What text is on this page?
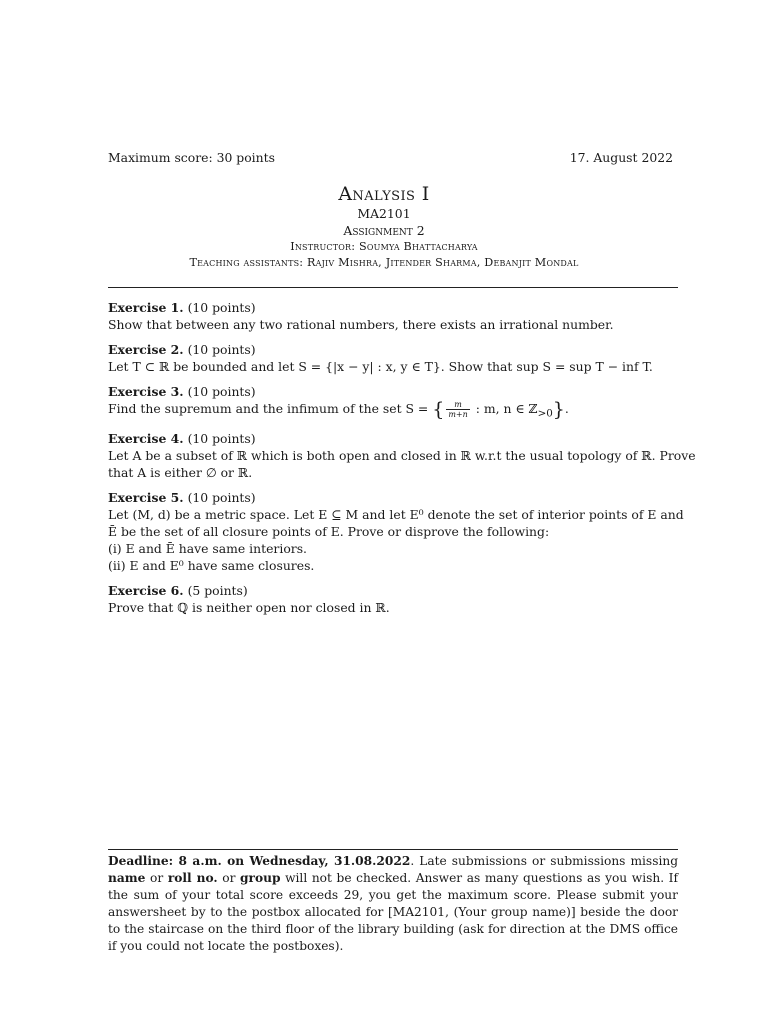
Maximum score: 30 points	17. August 2022
Analysis I
MA2101
Assignment 2
Instructor: Soumya Bhattacharya
Teaching assistants: Rajiv Mishra, Jitender Sharma, Debanjit Mondal
Exercise 1. (10 points)
Show that between any two rational numbers, there exists an irrational number.
Exercise 2. (10 points)
Let T ⊂ ℝ be bounded and let S = {|x − y| : x, y ∈ T}. Show that sup S = sup T − inf T.
Exercise 3. (10 points)
Find the supremum and the infimum of the set S = { $\frac{m}{m+n}$ : m, n ∈ ℤ$_{>0}$}.
Exercise 4. (10 points)
Let A be a subset of ℝ which is both open and closed in ℝ w.r.t the usual topology of ℝ. Prove
that A is either ∅ or ℝ.
Exercise 5. (10 points)
Let (M, d) be a metric space. Let E ⊆ M and let E⁰ denote the set of interior points of E and
Ē be the set of all closure points of E. Prove or disprove the following:
(i) E and Ē have same interiors.
(ii) E and E⁰ have same closures.
Exercise 6. (5 points)
Prove that ℚ is neither open nor closed in ℝ.
Deadline: 8 a.m. on Wednesday, 31.08.2022. Late submissions or submissions missing name or roll no. or group will not be checked. Answer as many questions as you wish. If the sum of your total score exceeds 29, you get the maximum score. Please submit your answersheet by to the postbox allocated for [MA2101, (Your group name)] beside the door to the staircase on the third floor of the library building (ask for direction at the DMS office if you could not locate the postboxes).
